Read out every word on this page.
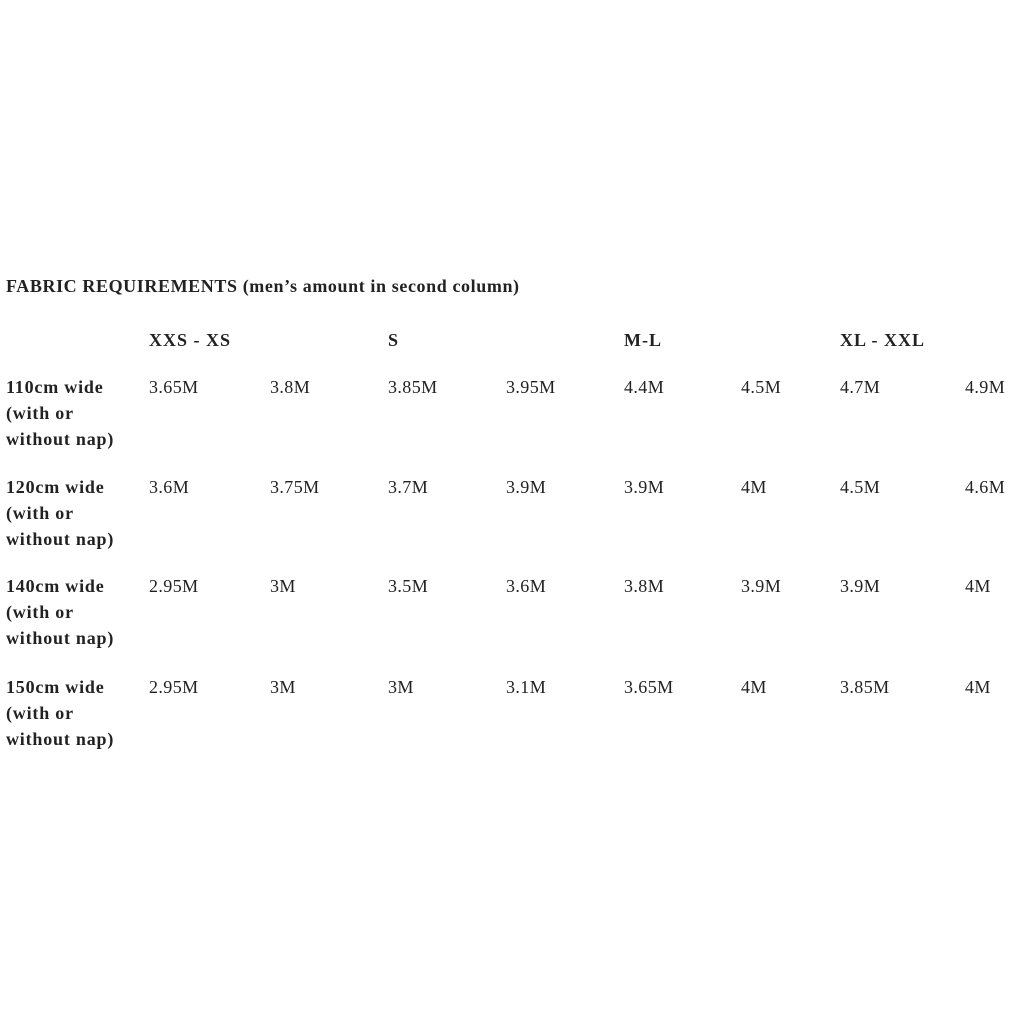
FABRIC REQUIREMENTS (men’s amount in second column)
XXS - XS	S	M-L	XL - XXL
110cm wide
(with or
without nap)
3.65M	3.8M	3.85M	3.95M	4.4M	4.5M	4.7M	4.9M
120cm wide
(with or
without nap)
3.6M	3.75M	3.7M	3.9M	3.9M	4M	4.5M	4.6M
140cm wide
(with or
without nap)
2.95M	3M	3.5M	3.6M	3.8M	3.9M	3.9M	4M
150cm wide
(with or
without nap)
2.95M	3M	3M	3.1M	3.65M	4M	3.85M	4M
